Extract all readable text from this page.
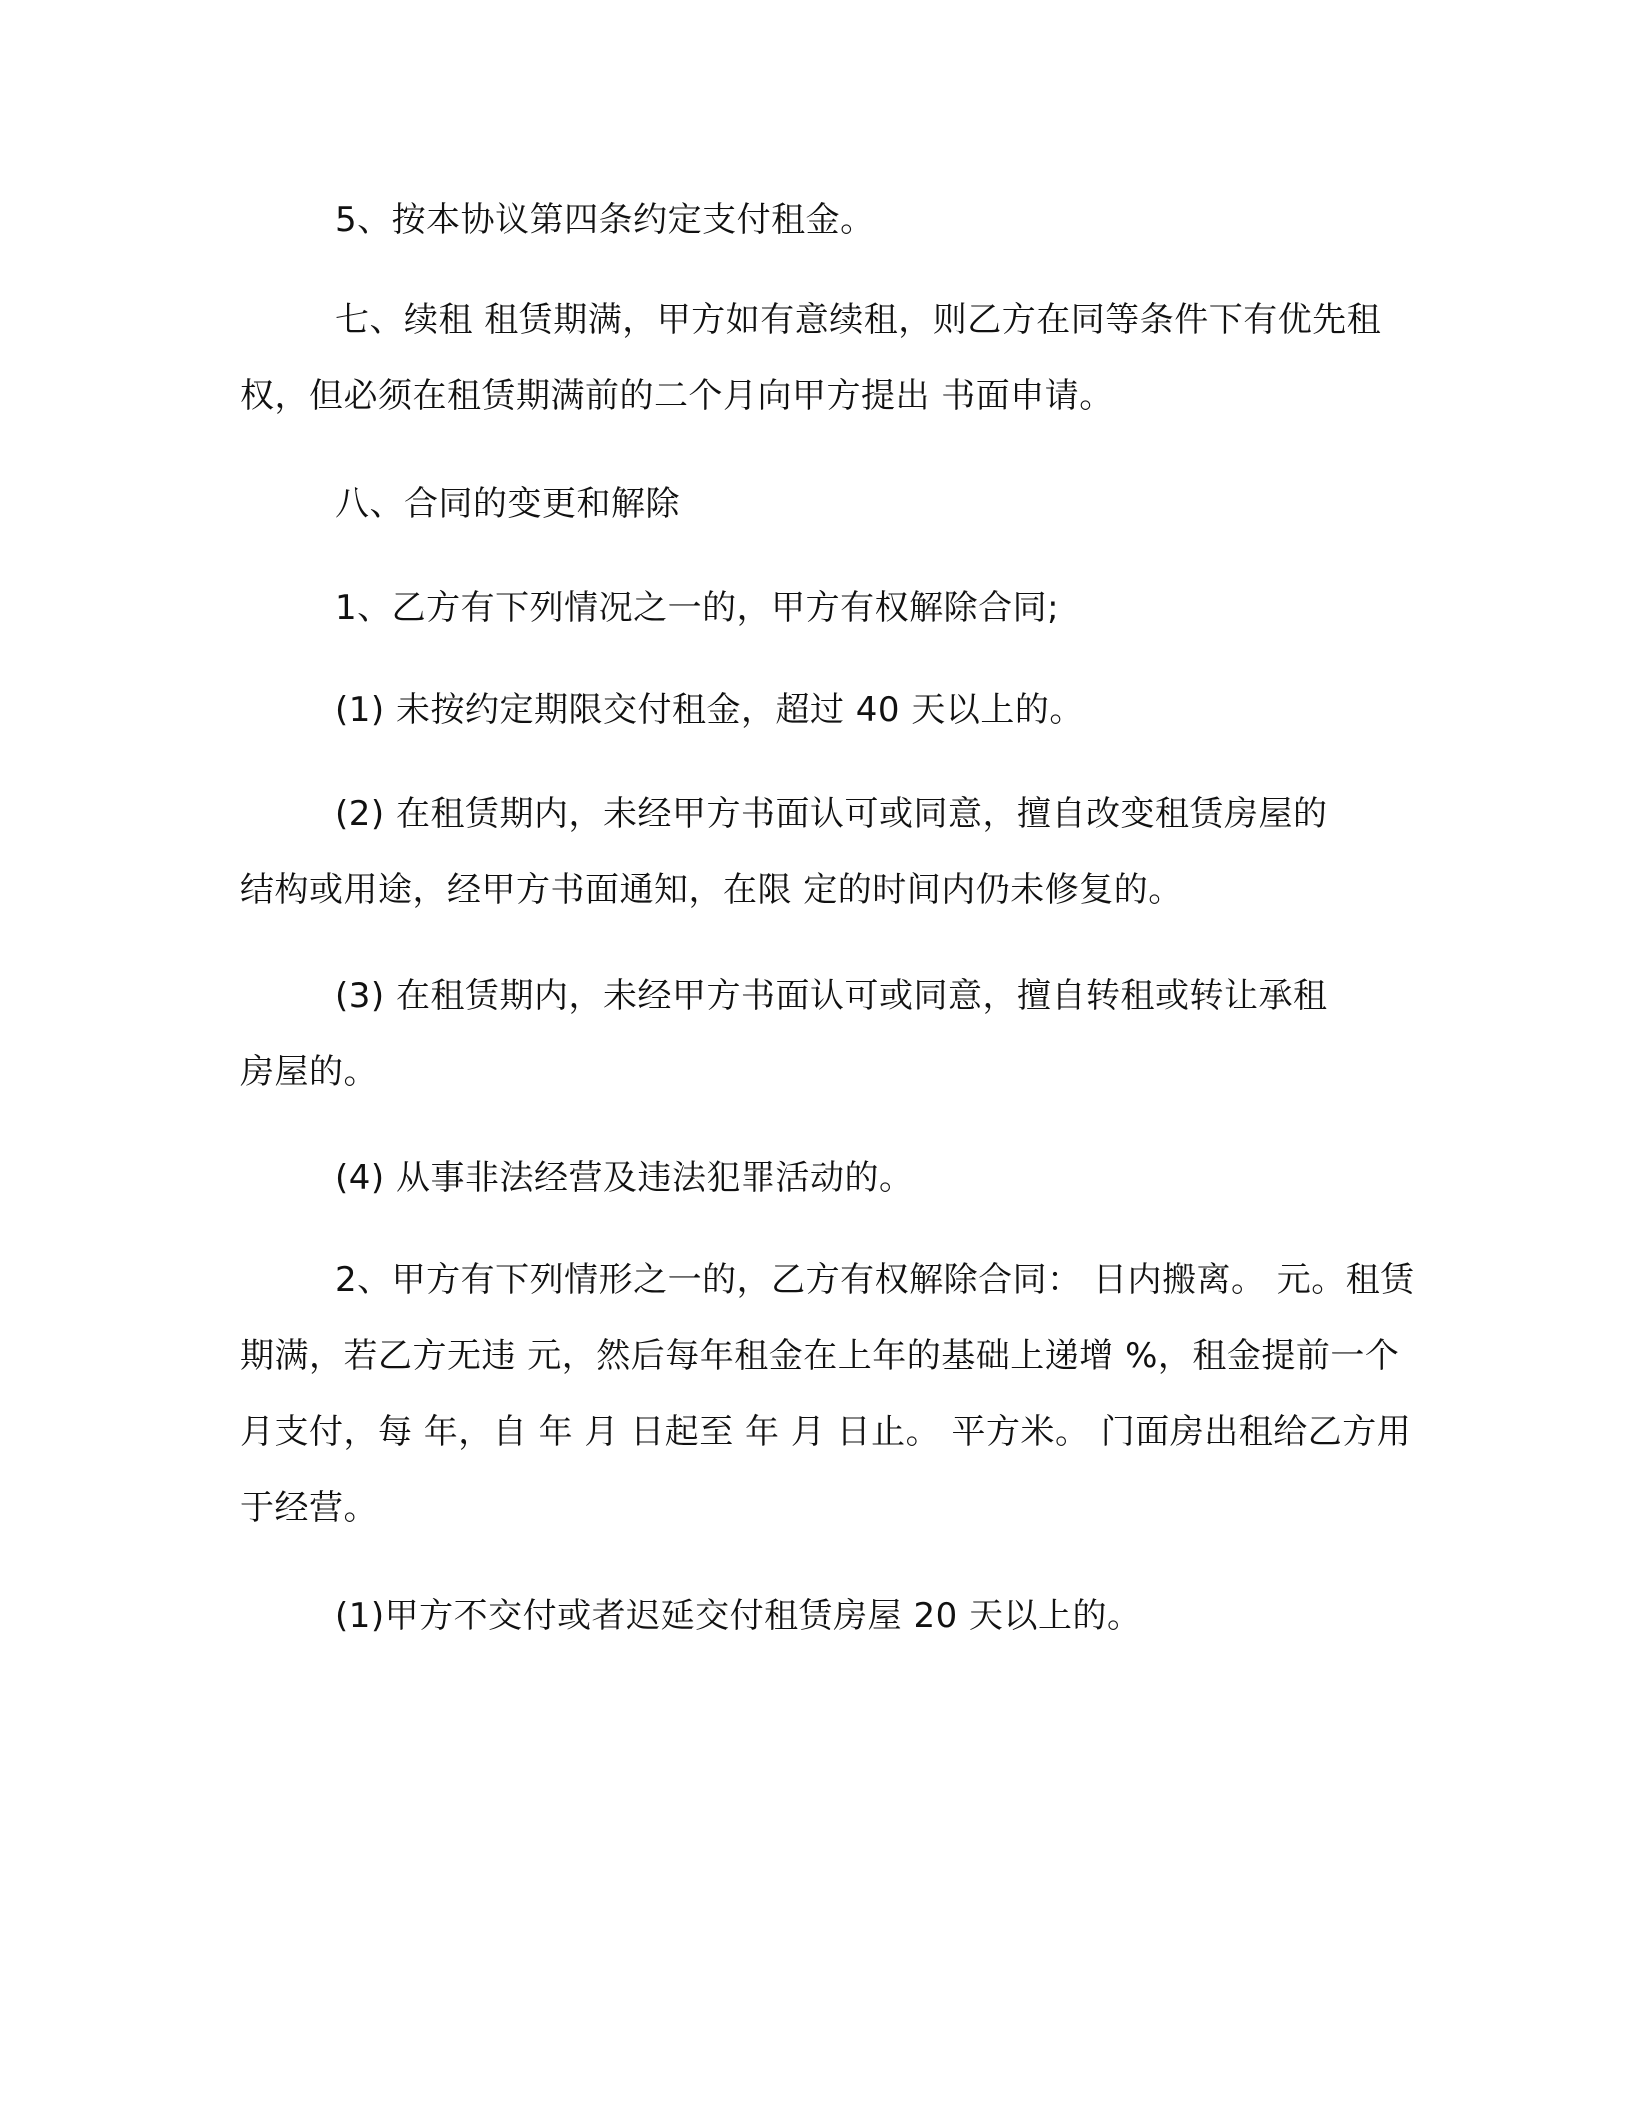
5、按本协议第四条约定支付租金。

七、续租 租赁期满，甲方如有意续租，则乙方在同等条件下有优先租权，但必须在租赁期满前的二个月向甲方提出 书面申请。

八、合同的变更和解除

1、乙方有下列情况之一的，甲方有权解除合同;

(1) 未按约定期限交付租金，超过 40 天以上的。

(2) 在租赁期内，未经甲方书面认可或同意，擅自改变租赁房屋的结构或用途，经甲方书面通知，在限 定的时间内仍未修复的。

(3) 在租赁期内，未经甲方书面认可或同意，擅自转租或转让承租房屋的。

(4) 从事非法经营及违法犯罪活动的。

2、甲方有下列情形之一的，乙方有权解除合同： 日内搬离。 元。租赁期满，若乙方无违 元，然后每年租金在上年的基础上递增 %，租金提前一个月支付，每 年，自 年 月 日起至 年 月 日止。 平方米。 门面房出租给乙方用于经营。

(1)甲方不交付或者迟延交付租赁房屋 20 天以上的。
